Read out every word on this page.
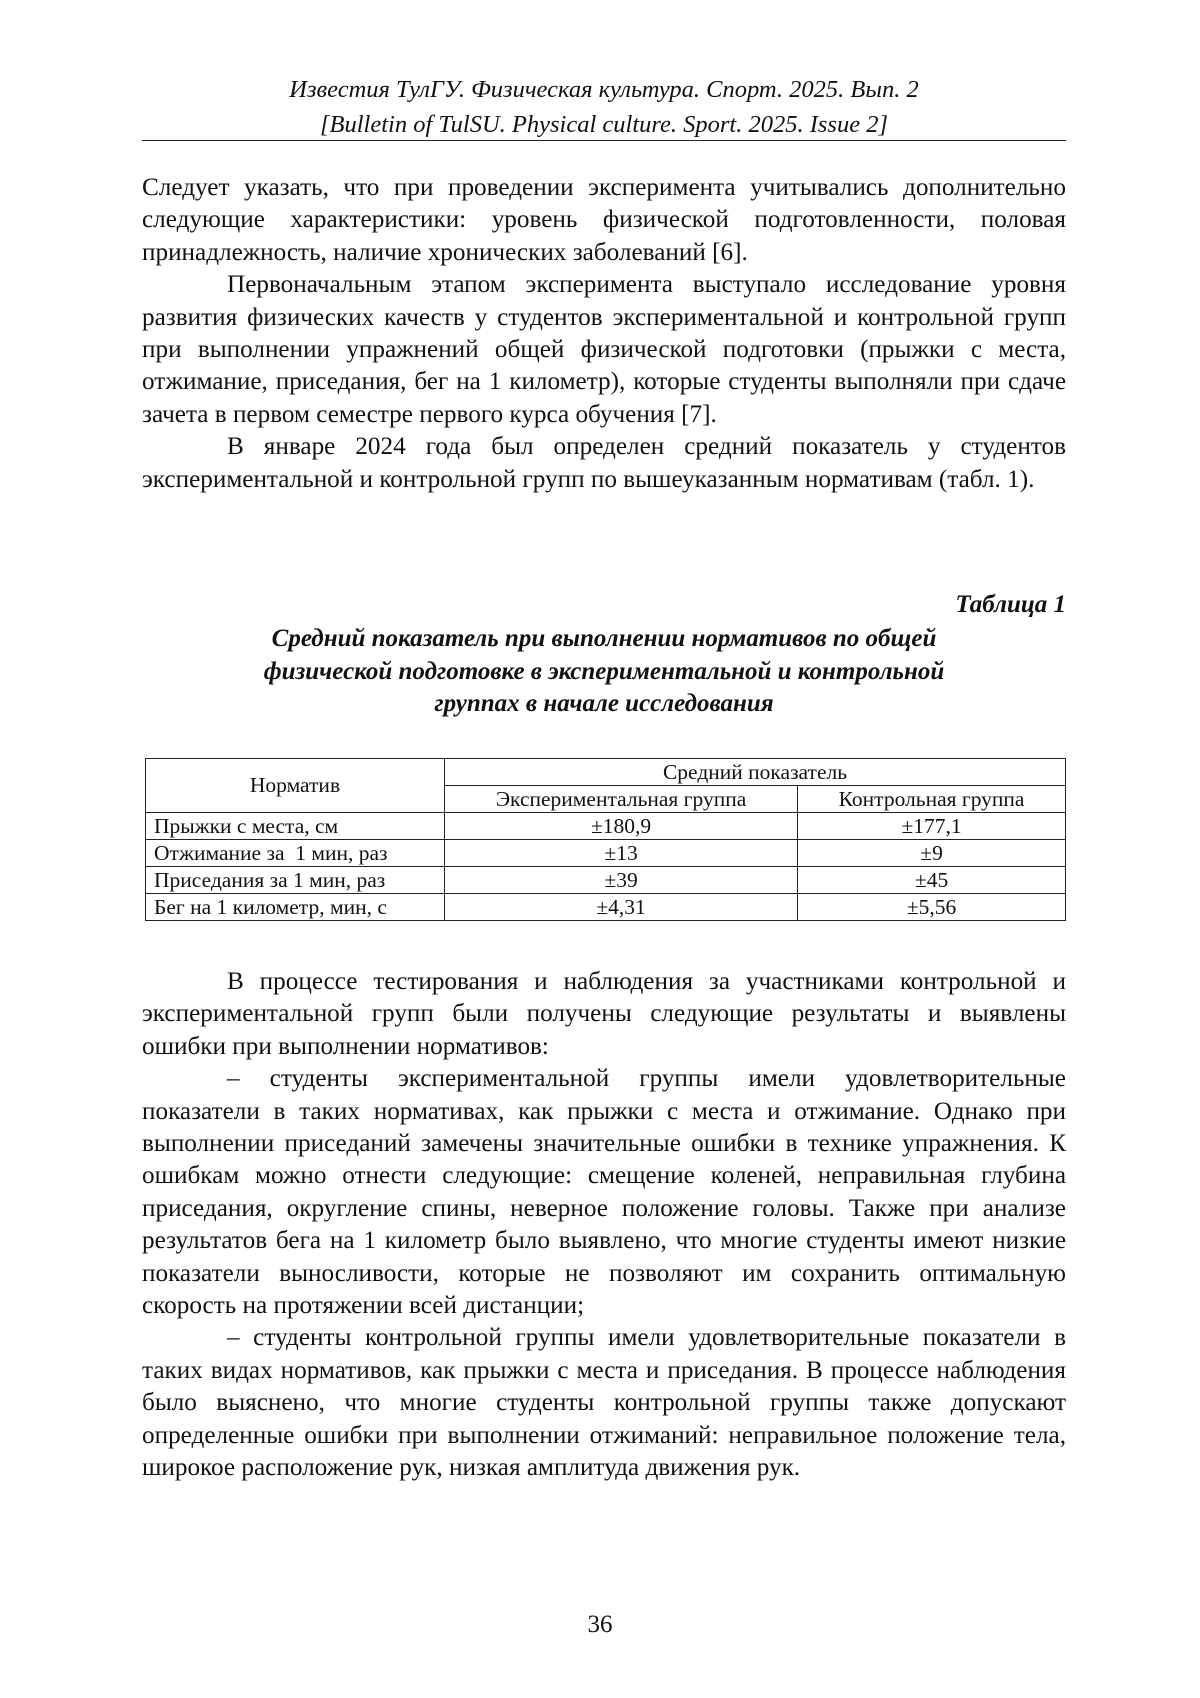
Известия ТулГУ. Физическая культура. Спорт. 2025. Вып. 2
[Bulletin of TulSU. Physical culture. Sport. 2025. Issue 2]

Следует указать, что при проведении эксперимента учитывались дополнительно следующие характеристики: уровень физической подготовленности, половая принадлежность, наличие хронических заболеваний [6].

Первоначальным этапом эксперимента выступало исследование уровня развития физических качеств у студентов экспериментальной и контрольной групп при выполнении упражнений общей физической подготовки (прыжки с места, отжимание, приседания, бег на 1 километр), которые студенты выполняли при сдаче зачета в первом семестре первого курса обучения [7].

В январе 2024 года был определен средний показатель у студентов экспериментальной и контрольной групп по вышеуказанным нормативам (табл. 1).

Таблица 1
Средний показатель при выполнении нормативов по общей
физической подготовке в экспериментальной и контрольной
группах в начале исследования
Норматив	Средний показатель	
	Экспериментальная группа	Контрольная группа
Прыжки с места, см	±180,9	±177,1
Отжимание за  1 мин, раз	±13	±9
Приседания за 1 мин, раз	±39	±45
Бег на 1 километр, мин, с	±4,31	±5,56

В процессе тестирования и наблюдения за участниками контрольной и экспериментальной групп были получены следующие результаты и выявлены ошибки при выполнении нормативов:

– студенты экспериментальной группы имели удовлетворительные показатели в таких нормативах, как прыжки с места и отжимание. Однако при выполнении приседаний замечены значительные ошибки в технике упражнения. К ошибкам можно отнести следующие: смещение коленей, неправильная глубина приседания, округление спины, неверное положение головы. Также при анализе результатов бега на 1 километр было выявлено, что многие студенты имеют низкие показатели выносливости, которые не позволяют им сохранить оптимальную скорость на протяжении всей дистанции;

– студенты контрольной группы имели удовлетворительные показатели в таких видах нормативов, как прыжки с места и приседания. В процессе наблюдения было выяснено, что многие студенты контрольной группы также допускают определенные ошибки при выполнении отжиманий: неправильное положение тела, широкое расположение рук, низкая амплитуда движения рук.

36
